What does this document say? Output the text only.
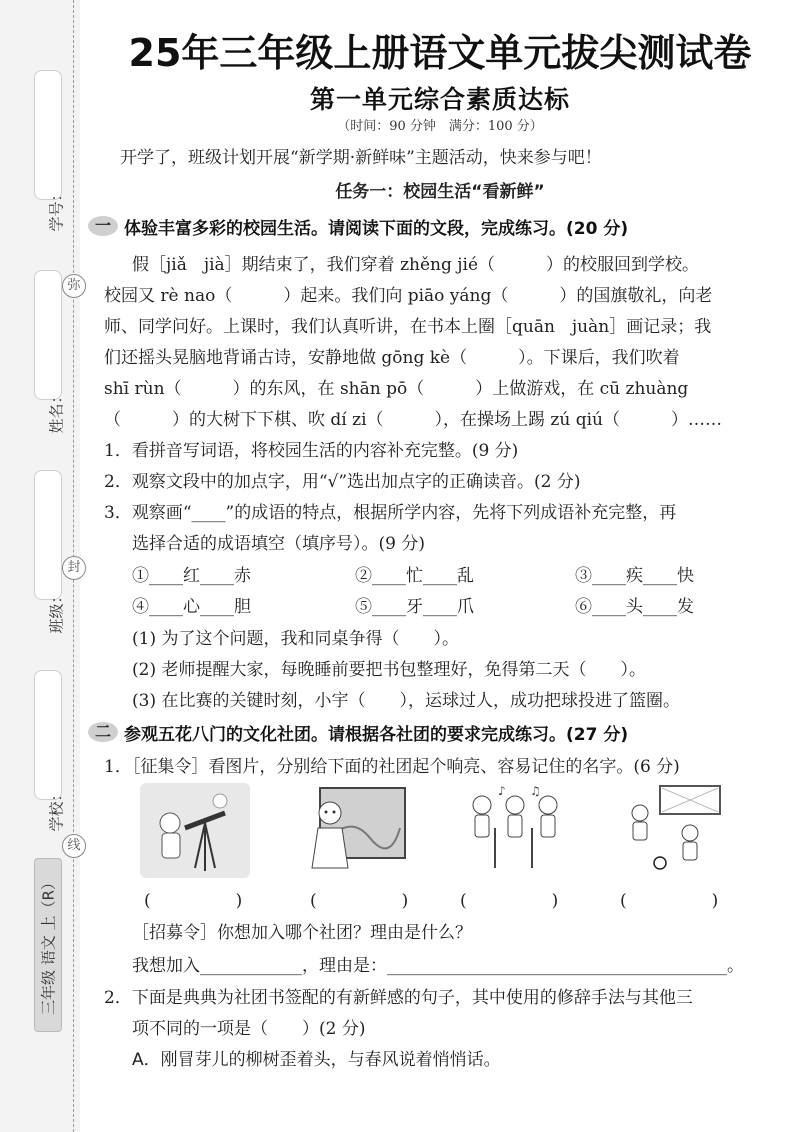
学号：
姓名：
班级：
学校：
弥
封
线
三年级 语文 上（R）
25年三年级上册语文单元拔尖测试卷
第一单元综合素质达标
（时间：90 分钟　满分：100 分）
开学了，班级计划开展“新学期·新鲜味”主题活动，快来参与吧！
任务一：校园生活“看新鲜”
一 体验丰富多彩的校园生活。请阅读下面的文段，完成练习。(20 分)
假［jiǎ　jià］期结束了，我们穿着 zhěng jié（　　　）的校服回到学校。
校园又 rè nao（　　　）起来。我们向 piāo yáng（　　　）的国旗敬礼，向老
师、同学问好。上课时，我们认真听讲，在书本上圈［quān　juàn］画记录；我
们还摇头晃脑地背诵古诗，安静地做 gōng kè（　　　）。下课后，我们吹着
shī rùn（　　　）的东风，在 shān pō（　　　）上做游戏，在 cū zhuàng
（　　　）的大树下下棋、吹 dí zi（　　　），在操场上踢 zú qiú（　　　）……
1．看拼音写词语，将校园生活的内容补充完整。(9 分)
2．观察文段中的加点字，用“√”选出加点字的正确读音。(2 分)
3．观察画“____”的成语的特点，根据所学内容，先将下列成语补充完整，再
选择合适的成语填空（填序号）。(9 分)
①____红____赤	②____忙____乱	③____疾____快
④____心____胆	⑤____牙____爪	⑥____头____发
(1) 为了这个问题，我和同桌争得（　　）。
(2) 老师提醒大家，每晚睡前要把书包整理好，免得第二天（　　）。
(3) 在比赛的关键时刻，小宇（　　），运球过人，成功把球投进了篮圈。
二 参观五花八门的文化社团。请根据各社团的要求完成练习。(27 分)
1．［征集令］看图片，分别给下面的社团起个响亮、容易记住的名字。(6 分)
♪ ♫
(　　　　　)	(　　　　　)	(　　　　　)	(　　　　　)
［招募令］你想加入哪个社团？理由是什么？
我想加入____________，理由是：________________________________________。
2．下面是典典为社团书签配的有新鲜感的句子，其中使用的修辞手法与其他三
项不同的一项是（　　）(2 分)
A．刚冒芽儿的柳树歪着头，与春风说着悄悄话。
